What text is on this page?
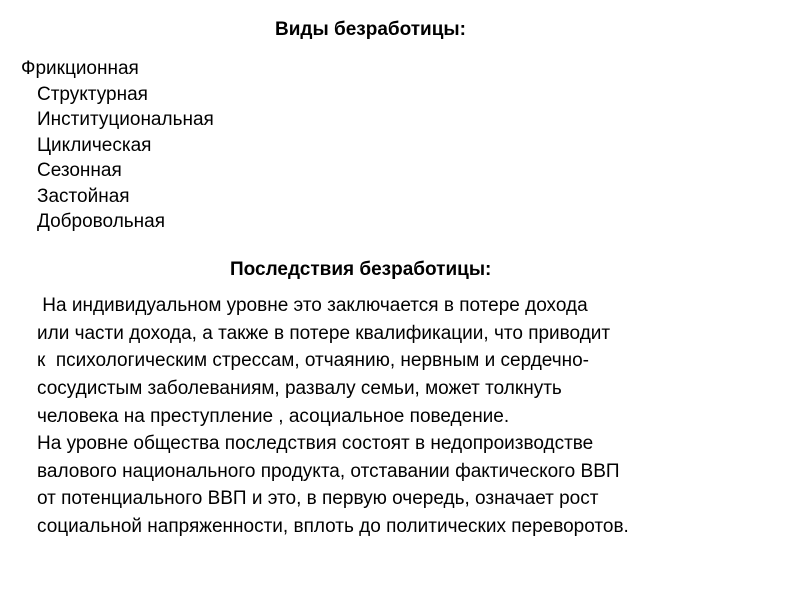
Виды безработицы:
Фрикционная
Структурная
Институциональная
Циклическая
Сезонная
Застойная
Добровольная
Последствия безработицы:
На индивидуальном уровне это заключается в потере дохода
или части дохода, а также в потере квалификации, что приводит
к  психологическим стрессам, отчаянию, нервным и сердечно-
сосудистым заболеваниям, развалу семьи, может толкнуть
человека на преступление , асоциальное поведение.
На уровне общества последствия состоят в недопроизводстве
валового национального продукта, отставании фактического ВВП
от потенциального ВВП и это, в первую очередь, означает рост
социальной напряженности, вплоть до политических переворотов.
